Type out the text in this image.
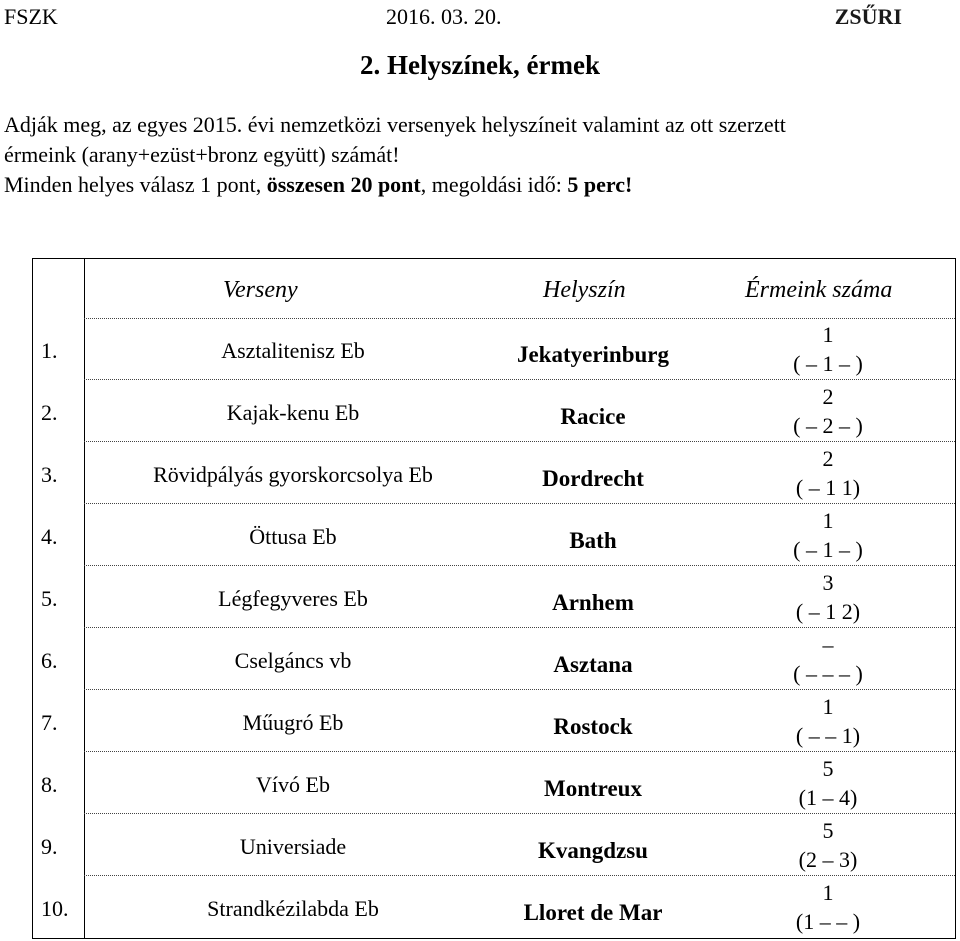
FSZK	2016. 03. 20.	ZSŰRI
2. Helyszínek, érmek
Adják meg, az egyes 2015. évi nemzetközi versenyek helyszíneit valamint az ott szerzett
érmeink (arany+ezüst+bronz együtt) számát!
Minden helyes válasz 1 pont, összesen 20 pont, megoldási idő: 5 perc!
Verseny	Helyszín	Érmeink száma
1.	Asztalitenisz Eb	Jekatyerinburg
1
( – 1 – )
2.	Kajak-kenu Eb	Racice
2
( – 2 – )
3.	Rövidpályás gyorskorcsolya Eb	Dordrecht
2
( – 1 1)
4.	Öttusa Eb	Bath
1
( – 1 – )
5.	Légfegyveres Eb	Arnhem
3
( – 1 2)
6.	Cselgáncs vb	Asztana
–
( – – – )
7.	Műugró Eb	Rostock
1
( – – 1)
8.	Vívó Eb	Montreux
5
(1 – 4)
9.	Universiade	Kvangdzsu
5
(2 – 3)
10.	Strandkézilabda Eb	Lloret de Mar
1
(1 – – )
